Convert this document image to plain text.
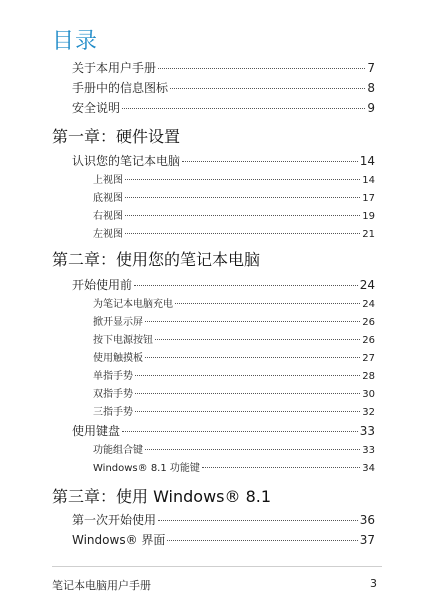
目录
关于本用户手册	7
手册中的信息图标	8
安全说明	9
第一章：硬件设置
认识您的笔记本电脑	14
上视图	14
底视图	17
右视图	19
左视图	21
第二章：使用您的笔记本电脑
开始使用前	24
为笔记本电脑充电	24
掀开显示屏	26
按下电源按钮	26
使用触摸板	27
单指手势	28
双指手势	30
三指手势	32
使用键盘	33
功能组合键	33
Windows® 8.1 功能键	34
第三章：使用 Windows® 8.1
第一次开始使用	36
Windows® 界面	37
笔记本电脑用户手册	3
